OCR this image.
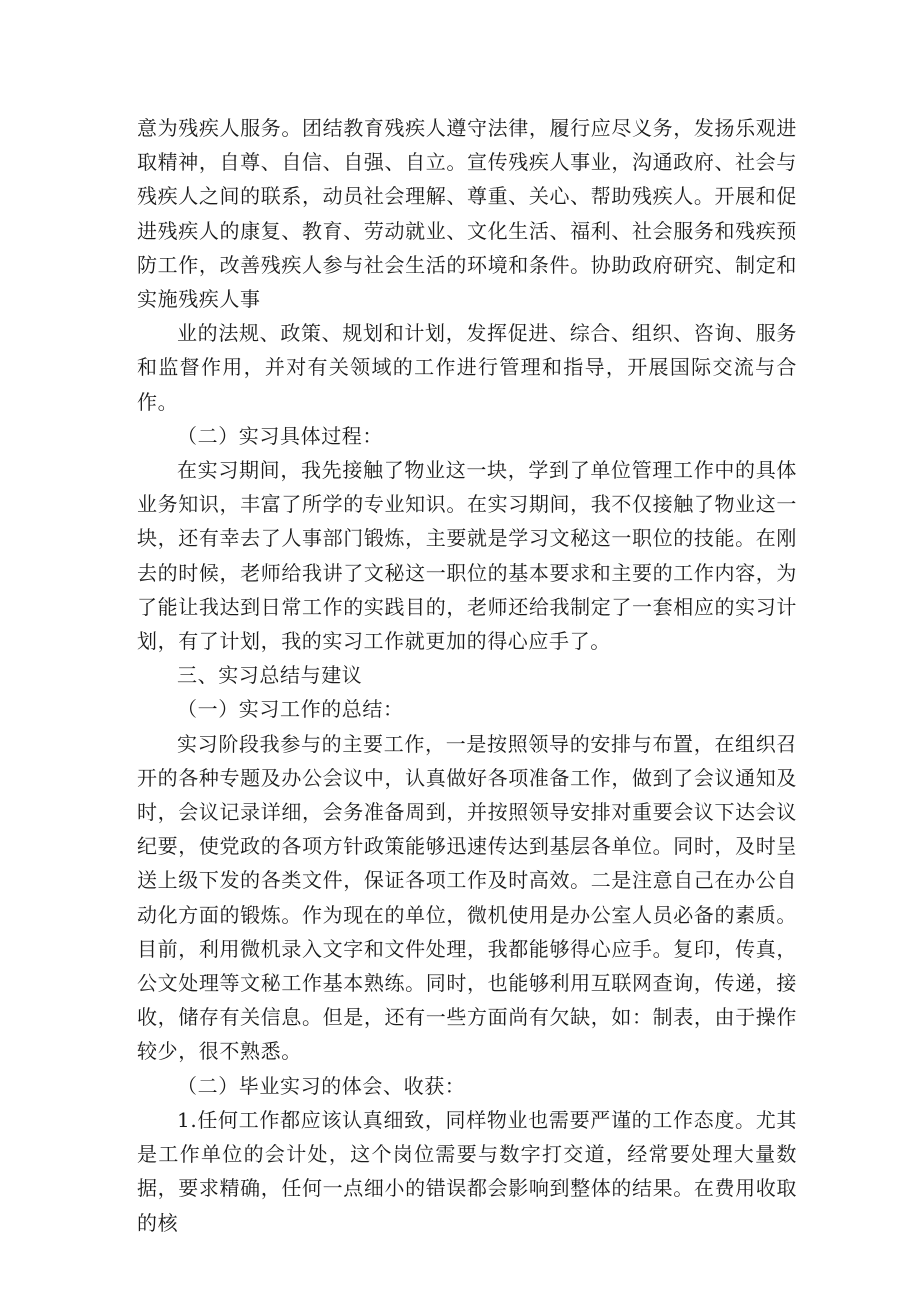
意为残疾人服务。团结教育残疾人遵守法律，履行应尽义务，发扬乐观进取精神，自尊、自信、自强、自立。宣传残疾人事业，沟通政府、社会与残疾人之间的联系，动员社会理解、尊重、关心、帮助残疾人。开展和促进残疾人的康复、教育、劳动就业、文化生活、福利、社会服务和残疾预防工作，改善残疾人参与社会生活的环境和条件。协助政府研究、制定和实施残疾人事

业的法规、政策、规划和计划，发挥促进、综合、组织、咨询、服务和监督作用，并对有关领域的工作进行管理和指导，开展国际交流与合作。

（二）实习具体过程：

在实习期间，我先接触了物业这一块，学到了单位管理工作中的具体业务知识，丰富了所学的专业知识。在实习期间，我不仅接触了物业这一块，还有幸去了人事部门锻炼，主要就是学习文秘这一职位的技能。在刚去的时候，老师给我讲了文秘这一职位的基本要求和主要的工作内容，为了能让我达到日常工作的实践目的，老师还给我制定了一套相应的实习计划，有了计划，我的实习工作就更加的得心应手了。

三、实习总结与建议

（一）实习工作的总结：

实习阶段我参与的主要工作，一是按照领导的安排与布置，在组织召开的各种专题及办公会议中，认真做好各项准备工作，做到了会议通知及时，会议记录详细，会务准备周到，并按照领导安排对重要会议下达会议纪要，使党政的各项方针政策能够迅速传达到基层各单位。同时，及时呈送上级下发的各类文件，保证各项工作及时高效。二是注意自己在办公自动化方面的锻炼。作为现在的单位，微机使用是办公室人员必备的素质。目前，利用微机录入文字和文件处理，我都能够得心应手。复印，传真，公文处理等文秘工作基本熟练。同时，也能够利用互联网查询，传递，接收，储存有关信息。但是，还有一些方面尚有欠缺，如：制表，由于操作较少，很不熟悉。

（二）毕业实习的体会、收获：

1.任何工作都应该认真细致，同样物业也需要严谨的工作态度。尤其是工作单位的会计处，这个岗位需要与数字打交道，经常要处理大量数据，要求精确，任何一点细小的错误都会影响到整体的结果。在费用收取的核
